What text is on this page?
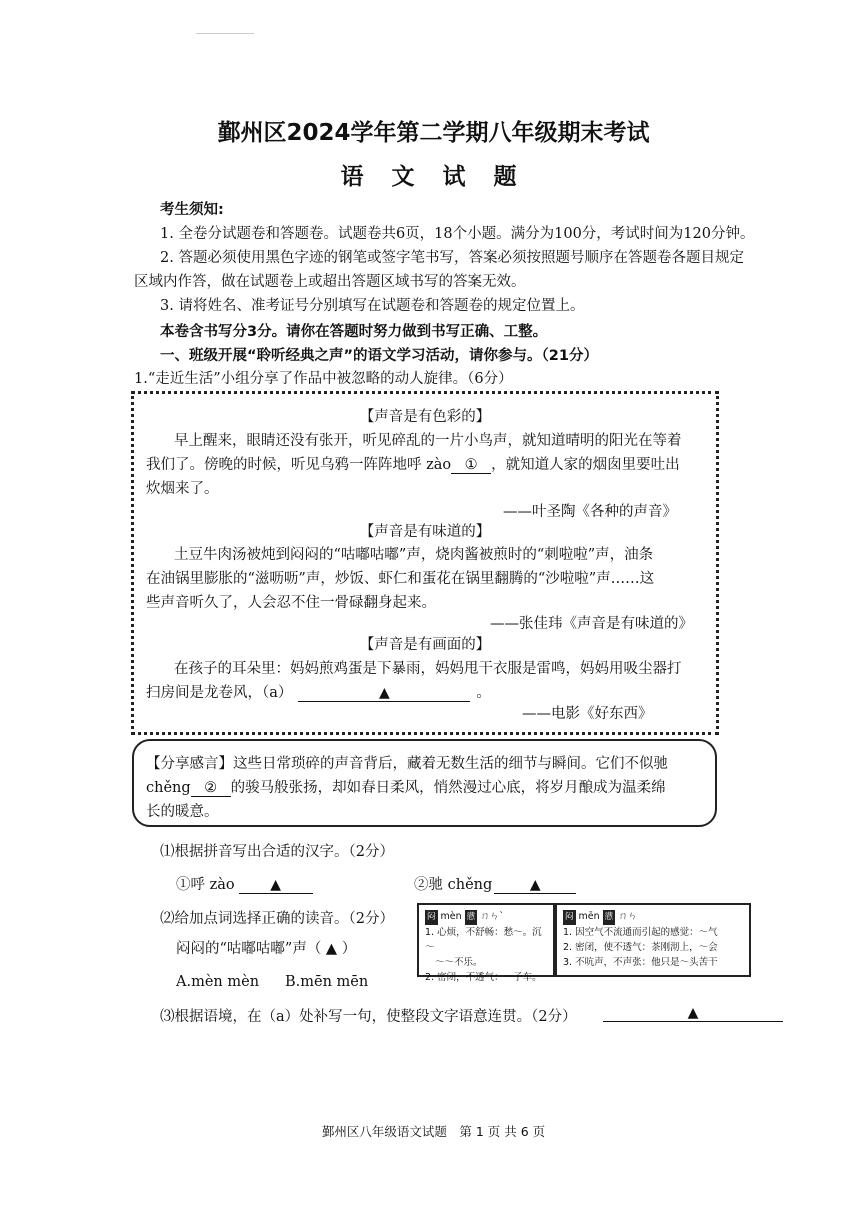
鄞州区2024学年第二学期八年级期末考试
语 文 试 题
考生须知:
1. 全卷分试题卷和答题卷。试题卷共6页，18个小题。满分为100分，考试时间为120分钟。
2. 答题必须使用黑色字迹的钢笔或签字笔书写，答案必须按照题号顺序在答题卷各题目规定
区域内作答，做在试题卷上或超出答题区域书写的答案无效。
3. 请将姓名、准考证号分别填写在试题卷和答题卷的规定位置上。
本卷含书写分3分。请你在答题时努力做到书写正确、工整。
一、班级开展“聆听经典之声”的语文学习活动，请你参与。（21分）
1.“走近生活”小组分享了作品中被忽略的动人旋律。（6分）
【声音是有色彩的】
早上醒来，眼睛还没有张开，听见碎乱的一片小鸟声，就知道晴明的阳光在等着
我们了。傍晚的时候，听见乌鸦一阵阵地呼 zào ① ，就知道人家的烟囱里要吐出
炊烟来了。
——叶圣陶《各种的声音》
【声音是有味道的】
土豆牛肉汤被炖到闷闷的“咕嘟咕嘟”声，烧肉酱被煎时的“刺啦啦”声，油条
在油锅里膨胀的“滋呖呖”声，炒饭、虾仁和蛋花在锅里翻腾的“沙啦啦”声……这
些声音听久了，人会忍不住一骨碌翻身起来。
——张佳玮《声音是有味道的》
【声音是有画面的】
在孩子的耳朵里：妈妈煎鸡蛋是下暴雨，妈妈甩干衣服是雷鸣，妈妈用吸尘器打
扫房间是龙卷风，（a）	▲	。
——电影《好东西》
【分享感言】这些日常琐碎的声音背后，藏着无数生活的细节与瞬间。它们不似驰
chěng ② 的骏马般张扬，却如春日柔风，悄然漫过心底，将岁月酿成为温柔绵
长的暖意。
⑴根据拼音写出合适的汉字。（2分）
①呼 zào	▲	②驰 chěng	▲
⑵给加点词选择正确的读音。（2分）
闷闷的“咕嘟咕嘟”声（ ▲ ）
A.mèn mèn B.mēn mēn
闷 mèn 懑 ㄇㄣˋ
1. 心烦，不舒畅：愁～。沉～
～～不乐。
2. 密闭，不透气：～子车。
闷 mēn 懑 ㄇㄣ
1. 因空气不流通而引起的感觉：～气
2. 密闭，使不透气：茶刚沏上，～会
3. 不吭声，不声张：他只是～头苦干
⑶根据语境，在（a）处补写一句，使整段文字语意连贯。（2分）	▲
鄞州区八年级语文试题　第 1 页 共 6 页
